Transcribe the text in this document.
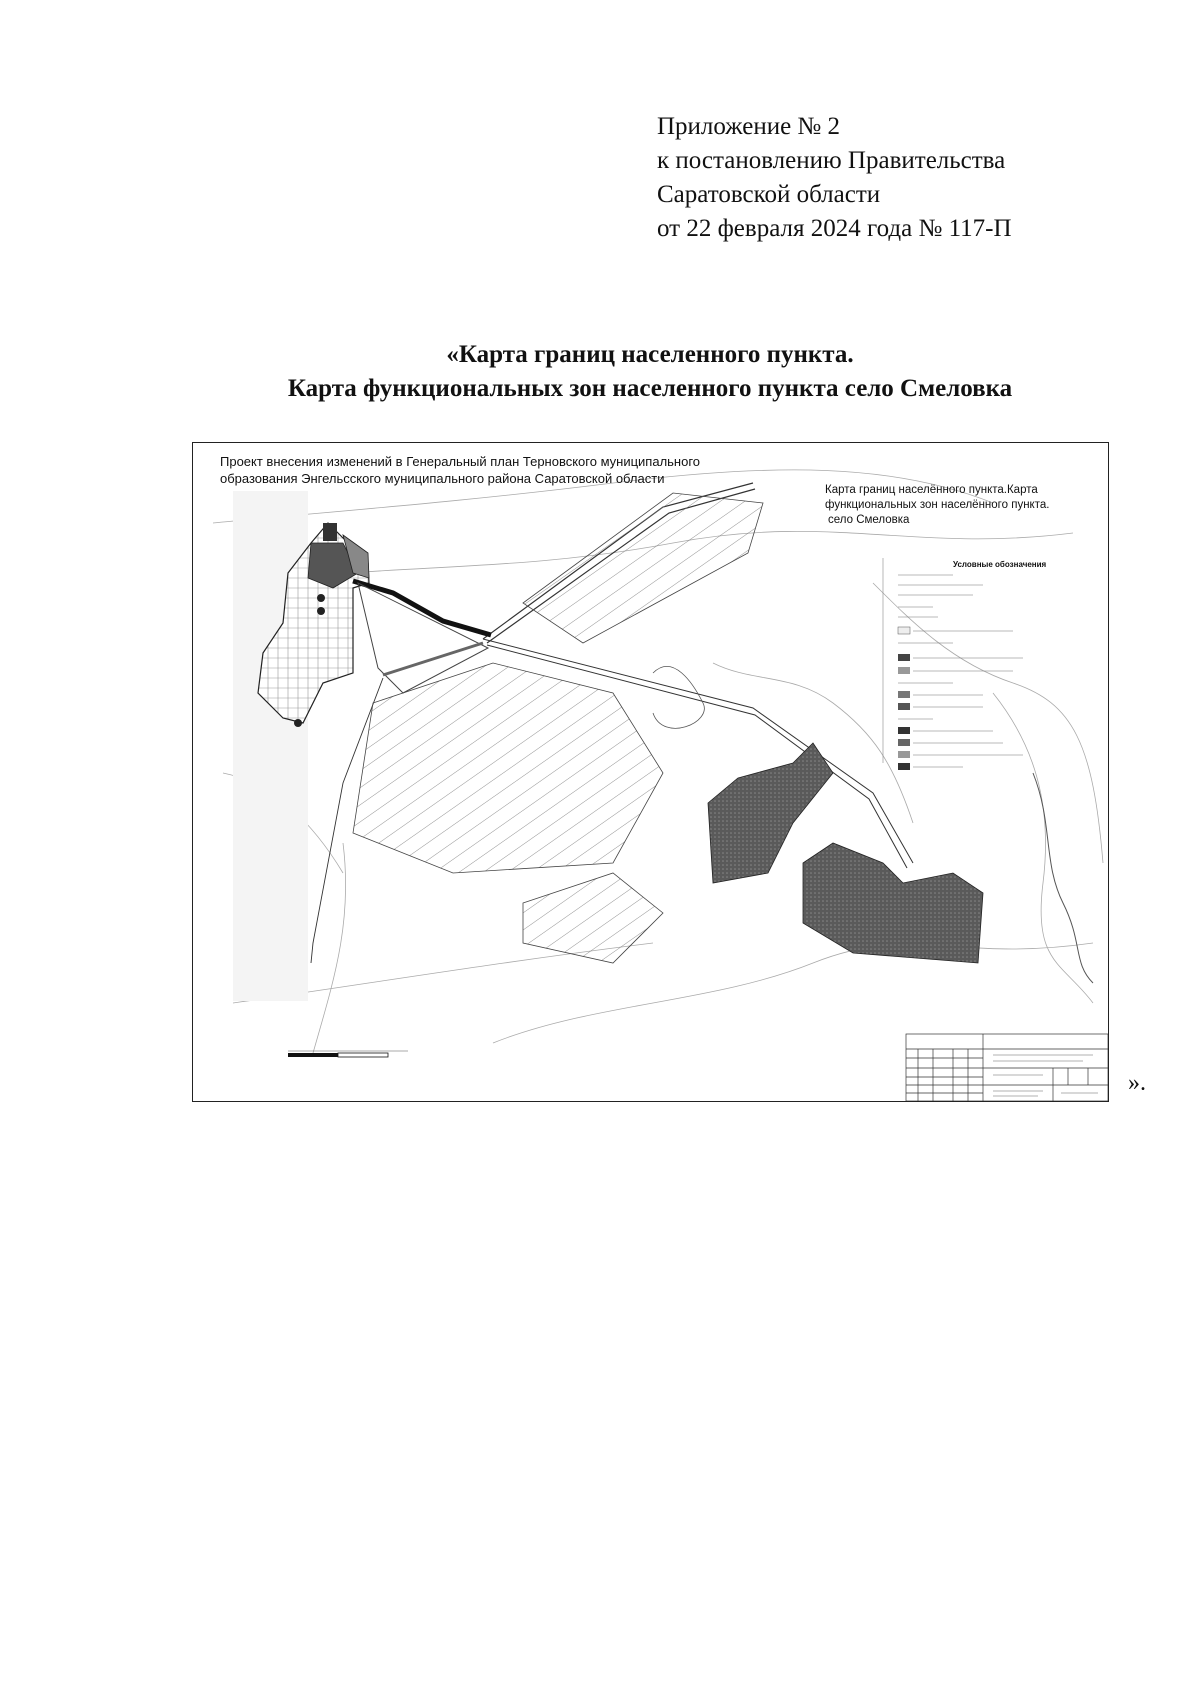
Приложение № 2
к постановлению Правительства
Саратовской области
от 22 февраля 2024 года № 117-П
«Карта границ населенного пункта.
Карта функциональных зон населенного пункта село Смеловка
Проект внесения изменений в Генеральный план Терновского муниципального
образования Энгельсского муниципального района Саратовской области
Карта границ населённого пункта.Карта
функциональных зон населённого пункта.
село Смеловка
Условные обозначения
».
